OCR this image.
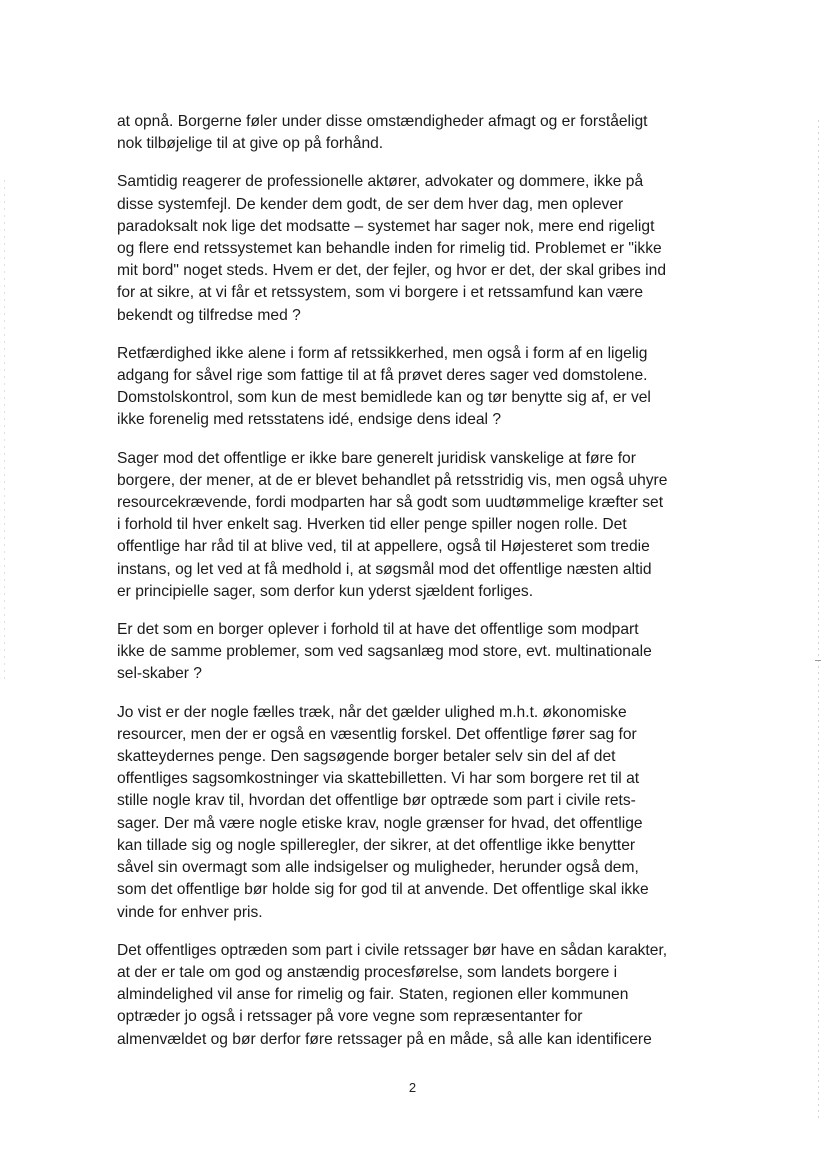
at opnå. Borgerne føler under disse omstændigheder afmagt og er forståeligt
nok tilbøjelige til at give op på forhånd.

Samtidig reagerer de professionelle aktører, advokater og dommere, ikke på
disse systemfejl. De kender dem godt, de ser dem hver dag, men oplever
paradoksalt nok lige det modsatte – systemet har sager nok, mere end rigeligt
og flere end retssystemet kan behandle inden for rimelig tid. Problemet er "ikke
mit bord" noget steds. Hvem er det, der fejler, og hvor er det, der skal gribes ind
for at sikre, at vi får et retssystem, som vi borgere i et retssamfund kan være
bekendt og tilfredse med ?

Retfærdighed ikke alene i form af retssikkerhed, men også i form af en ligelig
adgang for såvel rige som fattige til at få prøvet deres sager ved domstolene.
Domstolskontrol, som kun de mest bemidlede kan og tør benytte sig af, er vel
ikke forenelig med retsstatens idé, endsige dens ideal ?

Sager mod det offentlige er ikke bare generelt juridisk vanskelige at føre for
borgere, der mener, at de er blevet behandlet på retsstridig vis, men også uhyre
resourcekrævende, fordi modparten har så godt som uudtømmelige kræfter set
i forhold til hver enkelt sag. Hverken tid eller penge spiller nogen rolle. Det
offentlige har råd til at blive ved, til at appellere, også til Højesteret som tredie
instans, og let ved at få medhold i, at søgsmål mod det offentlige næsten altid
er principielle sager, som derfor kun yderst sjældent forliges.

Er det som en borger oplever i forhold til at have det offentlige som modpart
ikke de samme problemer, som ved sagsanlæg mod store, evt. multinationale
sel-skaber ?

Jo vist er der nogle fælles træk, når det gælder ulighed m.h.t. økonomiske
resourcer, men der er også en væsentlig forskel. Det offentlige fører sag for
skatteydernes penge. Den sagsøgende borger betaler selv sin del af det
offentliges sagsomkostninger via skattebilletten. Vi har som borgere ret til at
stille nogle krav til, hvordan det offentlige bør optræde som part i civile rets-
sager. Der må være nogle etiske krav, nogle grænser for hvad, det offentlige
kan tillade sig og nogle spilleregler, der sikrer, at det offentlige ikke benytter
såvel sin overmagt som alle indsigelser og muligheder, herunder også dem,
som det offentlige bør holde sig for god til at anvende. Det offentlige skal ikke
vinde for enhver pris.

Det offentliges optræden som part i civile retssager bør have en sådan karakter,
at der er tale om god og anstændig procesførelse, som landets borgere i
almindelighed vil anse for rimelig og fair. Staten, regionen eller kommunen
optræder jo også i retssager på vore vegne som repræsentanter for
almenvældet og bør derfor føre retssager på en måde, så alle kan identificere

2
